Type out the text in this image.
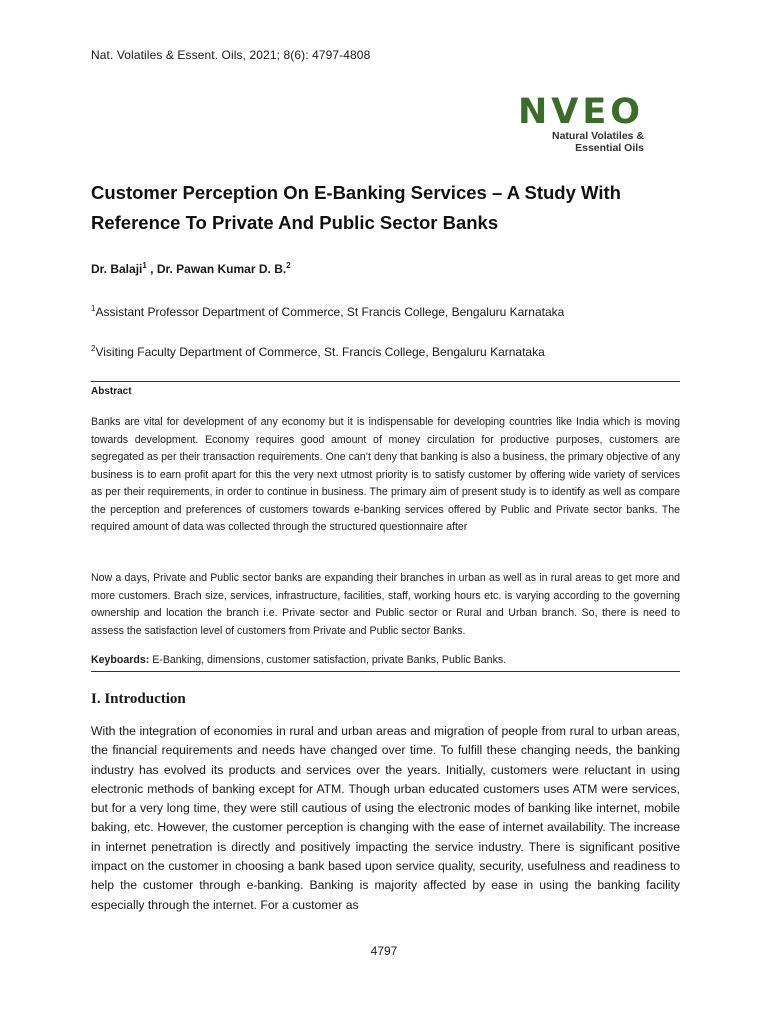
Nat. Volatiles & Essent. Oils, 2021; 8(6): 4797-4808
NVEO
Natural Volatiles &
Essential Oils
Customer Perception On E-Banking Services – A Study With Reference To Private And Public Sector Banks
Dr. Balaji$^1$ , Dr. Pawan Kumar D. B.$^2$
$^1$Assistant Professor Department of Commerce, St Francis College, Bengaluru Karnataka
$^2$Visiting Faculty Department of Commerce, St. Francis College, Bengaluru Karnataka
Abstract
Banks are vital for development of any economy but it is indispensable for developing countries like India which is moving towards development. Economy requires good amount of money circulation for productive purposes, customers are segregated as per their transaction requirements. One can’t deny that banking is also a business, the primary objective of any business is to earn profit apart for this the very next utmost priority is to satisfy customer by offering wide variety of services as per their requirements, in order to continue in business. The primary aim of present study is to identify as well as compare the perception and preferences of customers towards e-banking services offered by Public and Private sector banks. The required amount of data was collected through the structured questionnaire after
Now a days, Private and Public sector banks are expanding their branches in urban as well as in rural areas to get more and more customers. Brach size, services, infrastructure, facilities, staff, working hours etc. is varying according to the governing ownership and location the branch i.e. Private sector and Public sector or Rural and Urban branch. So, there is need to assess the satisfaction level of customers from Private and Public sector Banks.
Keyboards: E-Banking, dimensions, customer satisfaction, private Banks, Public Banks.
I. Introduction
With the integration of economies in rural and urban areas and migration of people from rural to urban areas, the financial requirements and needs have changed over time. To fulfill these changing needs, the banking industry has evolved its products and services over the years. Initially, customers were reluctant in using electronic methods of banking except for ATM. Though urban educated customers uses ATM were services, but for a very long time, they were still cautious of using the electronic modes of banking like internet, mobile baking, etc. However, the customer perception is changing with the ease of internet availability. The increase in internet penetration is directly and positively impacting the service industry. There is significant positive impact on the customer in choosing a bank based upon service quality, security, usefulness and readiness to help the customer through e-banking. Banking is majority affected by ease in using the banking facility especially through the internet. For a customer as
4797
